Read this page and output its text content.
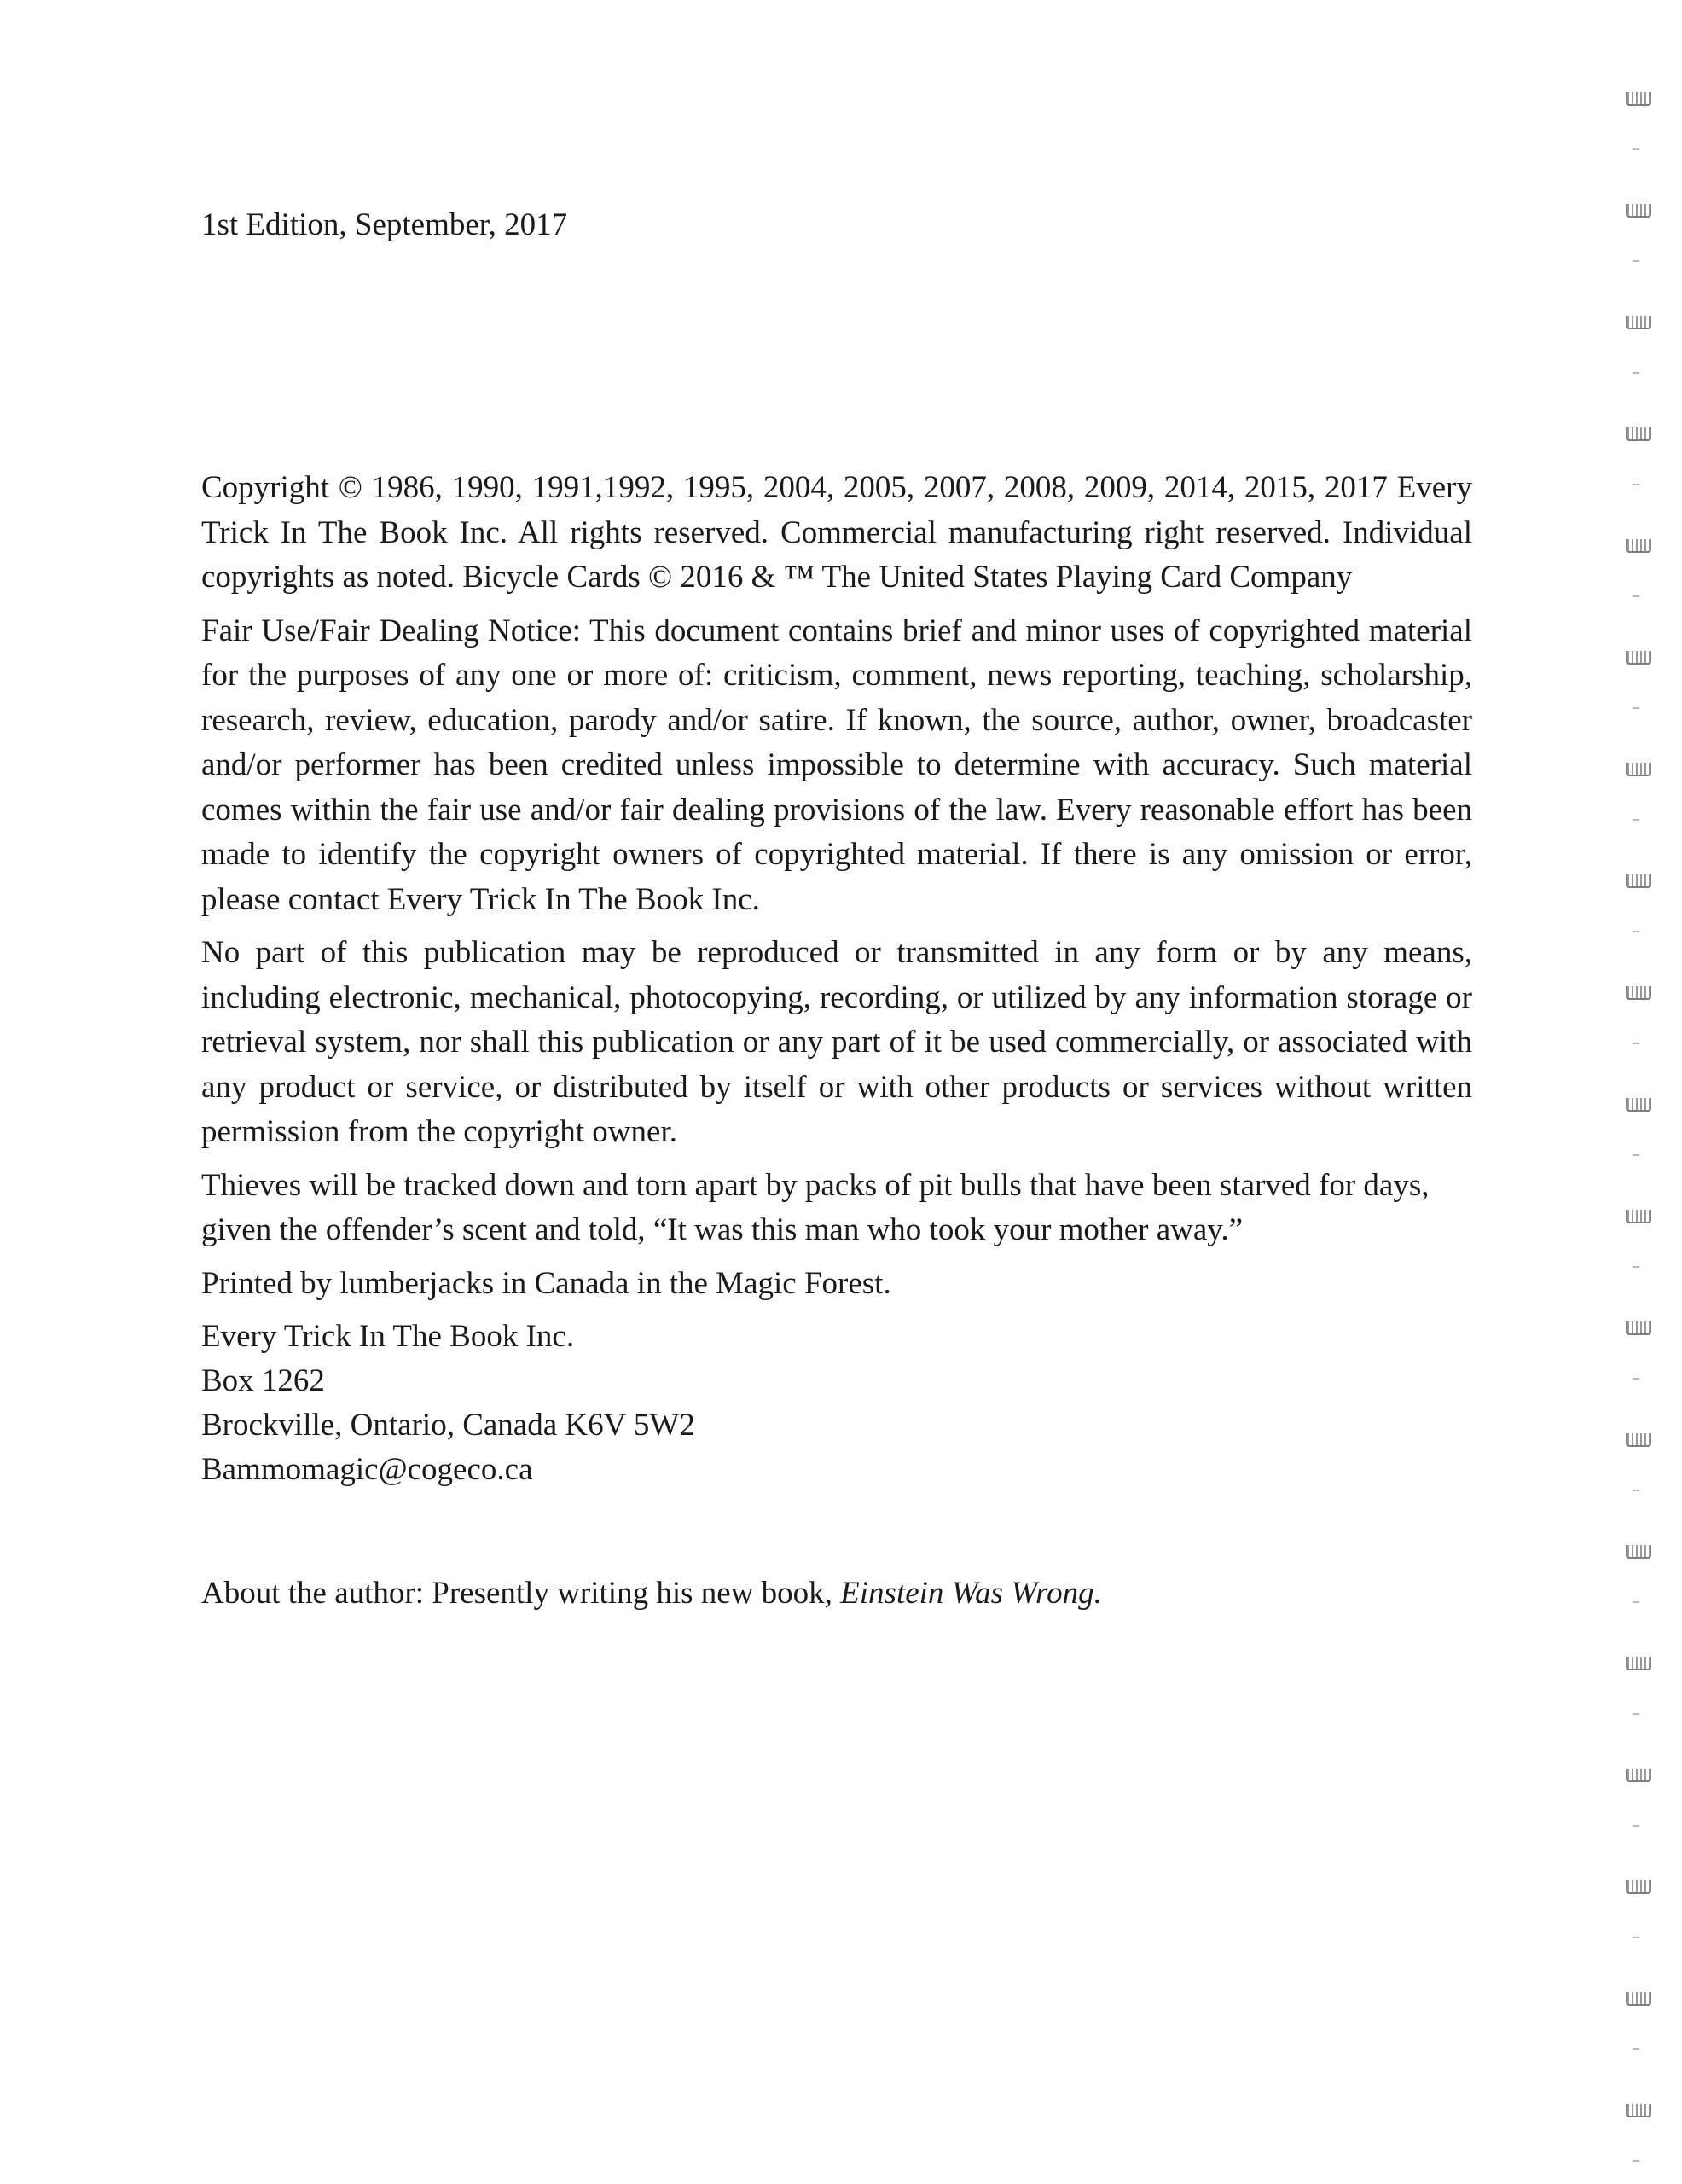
1st Edition, September, 2017

Copyright © 1986, 1990, 1991,1992, 1995, 2004, 2005, 2007, 2008, 2009, 2014, 2015, 2017 Every Trick In The Book Inc. All rights reserved. Commercial manufacturing right reserved. Individual copyrights as noted. Bicycle Cards © 2016 & ™ The United States Playing Card Company

Fair Use/Fair Dealing Notice: This document contains brief and minor uses of copyrighted material for the purposes of any one or more of: criticism, comment, news reporting, teaching, scholarship, research, review, education, parody and/or satire. If known, the source, author, owner, broadcaster and/or performer has been credited unless impossible to determine with accuracy. Such material comes within the fair use and/or fair dealing provisions of the law. Every reasonable effort has been made to identify the copyright owners of copyrighted material. If there is any omission or error, please contact Every Trick In The Book Inc.

No part of this publication may be reproduced or transmitted in any form or by any means, including electronic, mechanical, photocopying, recording, or utilized by any information storage or retrieval system, nor shall this publication or any part of it be used commercially, or associated with any product or service, or distributed by itself or with other products or services without written permission from the copyright owner.

Thieves will be tracked down and torn apart by packs of pit bulls that have been starved for days, given the offender’s scent and told, “It was this man who took your mother away.”

Printed by lumberjacks in Canada in the Magic Forest.

Every Trick In The Book Inc.
Box 1262
Brockville, Ontario, Canada K6V 5W2
Bammomagic@cogeco.ca

About the author: Presently writing his new book, Einstein Was Wrong.
